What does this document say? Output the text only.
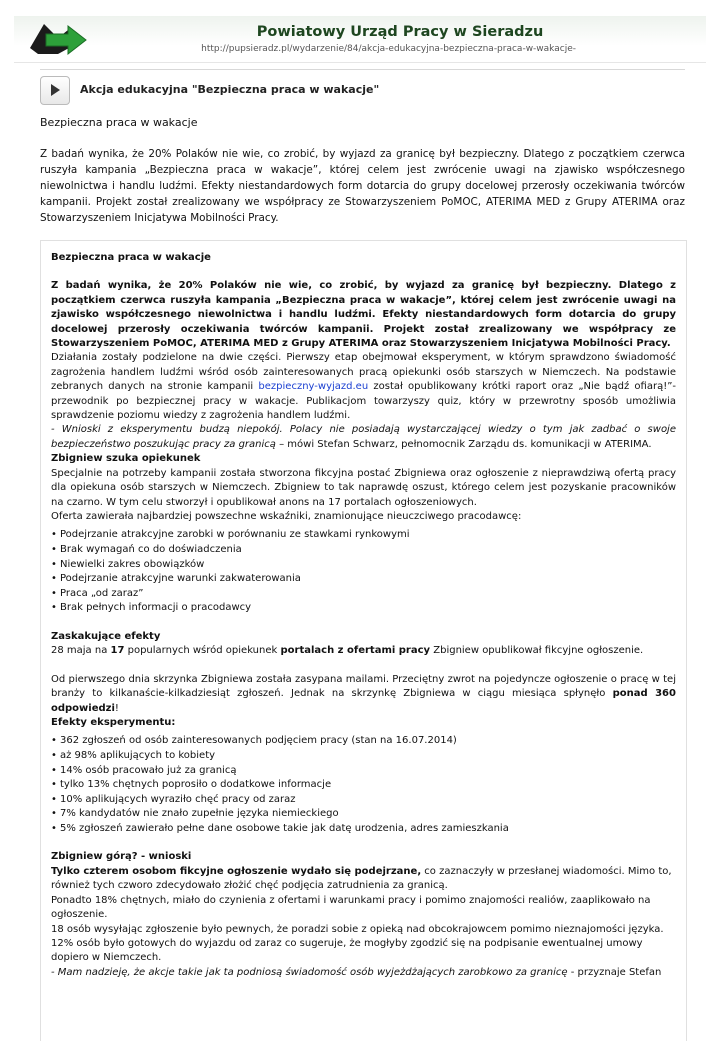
Powiatowy Urząd Pracy w Sieradzu
http://pupsieradz.pl/wydarzenie/84/akcja-edukacyjna-bezpieczna-praca-w-wakacje-
Akcja edukacyjna "Bezpieczna praca w wakacje"
Bezpieczna praca w wakacje
Z badań wynika, że 20% Polaków nie wie, co zrobić, by wyjazd za granicę był bezpieczny. Dlatego z początkiem czerwca ruszyła kampania „Bezpieczna praca w wakacje”, której celem jest zwrócenie uwagi na zjawisko współczesnego niewolnictwa i handlu ludźmi. Efekty niestandardowych form dotarcia do grupy docelowej przerosły oczekiwania twórców kampanii. Projekt został zrealizowany we współpracy ze Stowarzyszeniem PoMOC, ATERIMA MED z Grupy ATERIMA oraz Stowarzyszeniem Inicjatywa Mobilności Pracy.

Bezpieczna praca w wakacje

Z badań wynika, że 20% Polaków nie wie, co zrobić, by wyjazd za granicę był bezpieczny. Dlatego z początkiem czerwca ruszyła kampania „Bezpieczna praca w wakacje”, której celem jest zwrócenie uwagi na zjawisko współczesnego niewolnictwa i handlu ludźmi. Efekty niestandardowych form dotarcia do grupy docelowej przerosły oczekiwania twórców kampanii. Projekt został zrealizowany we współpracy ze Stowarzyszeniem PoMOC, ATERIMA MED z Grupy ATERIMA oraz Stowarzyszeniem Inicjatywa Mobilności Pracy.

Działania zostały podzielone na dwie części. Pierwszy etap obejmował eksperyment, w którym sprawdzono świadomość zagrożenia handlem ludźmi wśród osób zainteresowanych pracą opiekunki osób starszych w Niemczech. Na podstawie zebranych danych na stronie kampanii bezpieczny-wyjazd.eu został opublikowany krótki raport oraz „Nie bądź ofiarą!”- przewodnik po bezpiecznej pracy w wakacje. Publikacjom towarzyszy quiz, który w przewrotny sposób umożliwia sprawdzenie poziomu wiedzy z zagrożenia handlem ludźmi.

- Wnioski z eksperymentu budzą niepokój. Polacy nie posiadają wystarczającej wiedzy o tym jak zadbać o swoje bezpieczeństwo poszukując pracy za granicą – mówi Stefan Schwarz, pełnomocnik Zarządu ds. komunikacji w ATERIMA.

Zbigniew szuka opiekunek

Specjalnie na potrzeby kampanii została stworzona fikcyjna postać Zbigniewa oraz ogłoszenie z nieprawdziwą ofertą pracy dla opiekuna osób starszych w Niemczech. Zbigniew to tak naprawdę oszust, którego celem jest pozyskanie pracowników na czarno. W tym celu stworzył i opublikował anons na 17 portalach ogłoszeniowych.

Oferta zawierała najbardziej powszechne wskaźniki, znamionujące nieuczciwego pracodawcę:

• Podejrzanie atrakcyjne zarobki w porównaniu ze stawkami rynkowymi
• Brak wymagań co do doświadczenia
• Niewielki zakres obowiązków
• Podejrzanie atrakcyjne warunki zakwaterowania
• Praca „od zaraz”
• Brak pełnych informacji o pracodawcy

Zaskakujące efekty

28 maja na 17 popularnych wśród opiekunek portalach z ofertami pracy Zbigniew opublikował fikcyjne ogłoszenie.

Od pierwszego dnia skrzynka Zbigniewa została zasypana mailami. Przeciętny zwrot na pojedyncze ogłoszenie o pracę w tej branży to kilkanaście-kilkadziesiąt zgłoszeń. Jednak na skrzynkę Zbigniewa w ciągu miesiąca spłynęło ponad 360 odpowiedzi!

Efekty eksperymentu:

• 362 zgłoszeń od osób zainteresowanych podjęciem pracy (stan na 16.07.2014)
• aż 98% aplikujących to kobiety
• 14% osób pracowało już za granicą
• tylko 13% chętnych poprosiło o dodatkowe informacje
• 10% aplikujących wyraziło chęć pracy od zaraz
• 7% kandydatów nie znało zupełnie języka niemieckiego
• 5% zgłoszeń zawierało pełne dane osobowe takie jak datę urodzenia, adres zamieszkania

Zbigniew górą? - wnioski

Tylko czterem osobom fikcyjne ogłoszenie wydało się podejrzane, co zaznaczyły w przesłanej wiadomości. Mimo to, również tych czworo zdecydowało złożić chęć podjęcia zatrudnienia za granicą.

Ponadto 18% chętnych, miało do czynienia z ofertami i warunkami pracy i pomimo znajomości realiów, zaaplikowało na ogłoszenie.

18 osób wysyłając zgłoszenie było pewnych, że poradzi sobie z opieką nad obcokrajowcem pomimo nieznajomości języka.

12% osób było gotowych do wyjazdu od zaraz co sugeruje, że mogłyby zgodzić się na podpisanie ewentualnej umowy dopiero w Niemczech.

- Mam nadzieję, że akcje takie jak ta podniosą świadomość osób wyjeżdżających zarobkowo za granicę - przyznaje Stefan
